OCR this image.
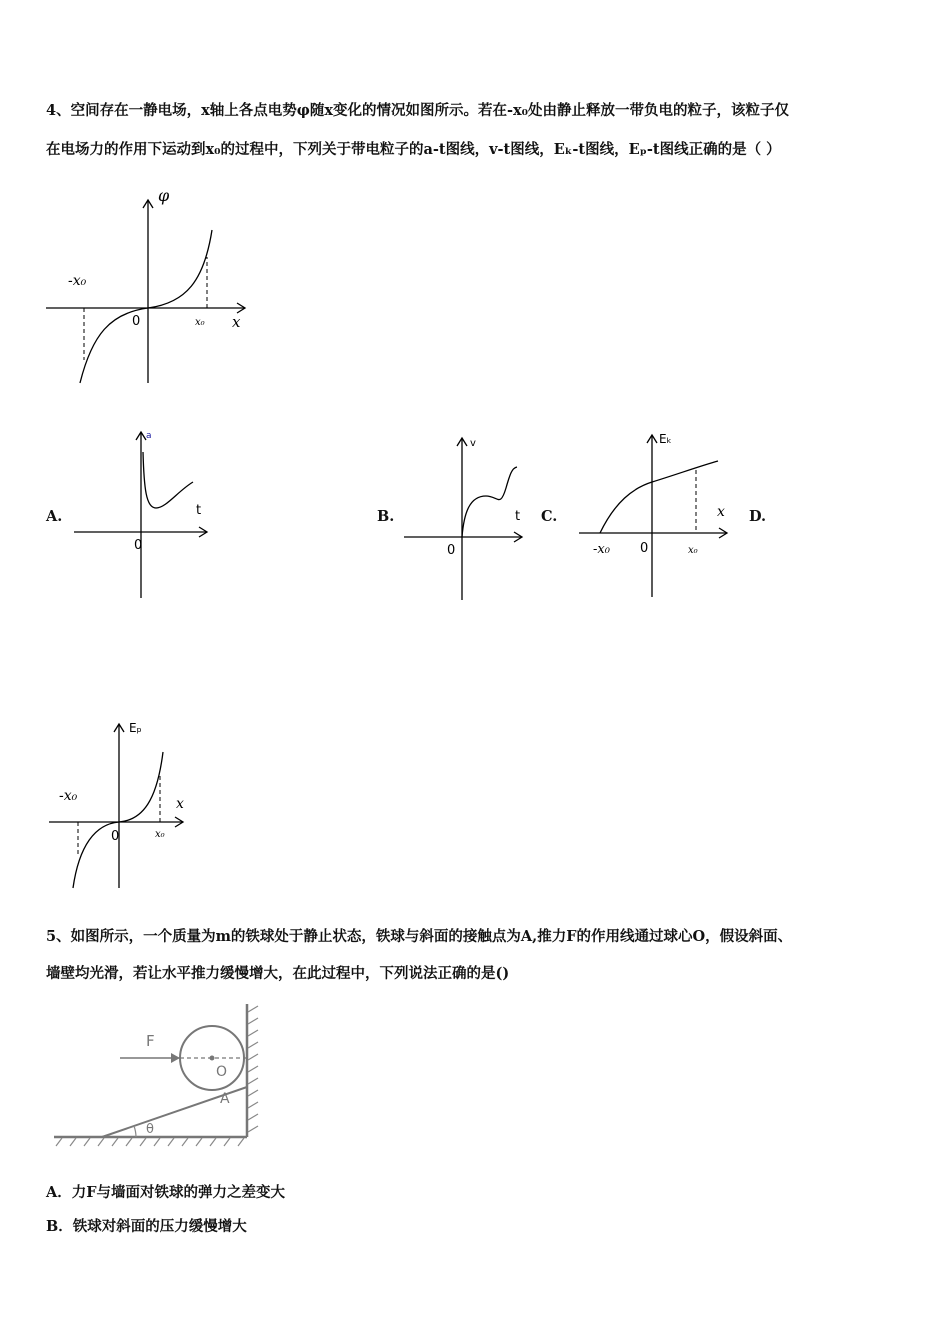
4、空间存在一静电场，x轴上各点电势φ随x变化的情况如图所示。若在-x₀处由静止释放一带负电的粒子，该粒子仅
在电场力的作用下运动到x₀的过程中，下列关于带电粒子的a-t图线，v-t图线，Eₖ-t图线，Eₚ-t图线正确的是（ ）
φ
x
-x₀
0	x₀
A.	B.	C.	D.
a
t
0
v
t
0
Eₖ
x
-x₀ 0	x₀
Eₚ
x
-x₀
0	x₀
5、如图所示，一个质量为m的铁球处于静止状态，铁球与斜面的接触点为A,推力F的作用线通过球心O，假设斜面、
墙壁均光滑，若让水平推力缓慢增大，在此过程中，下列说法正确的是()
F
O
A
θ
A．力F与墙面对铁球的弹力之差变大
B．铁球对斜面的压力缓慢增大
